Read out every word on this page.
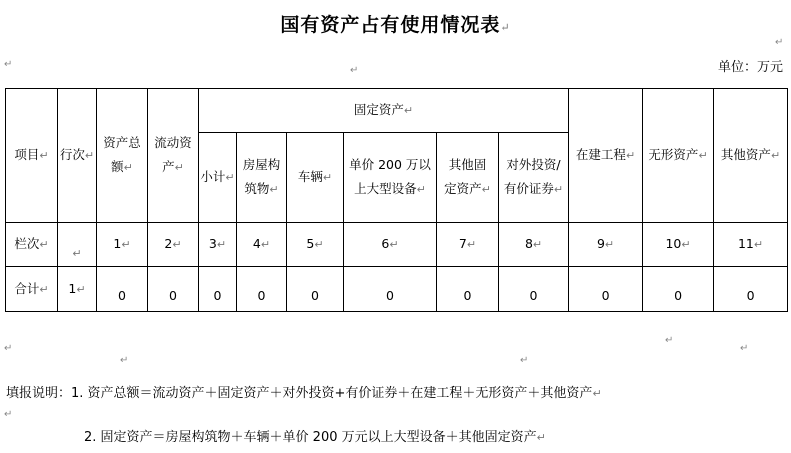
国有资产占有使用情况表↵
↵
↵
↵
单位：万元
项目↵	行次↵	资产总
额↵	流动资
产↵	固定资产↵						在建工程↵	无形资产↵	其他资产↵
				小计↵	房屋构
筑物↵	车辆↵	单价 200 万以
上大型设备↵	其他固
定资产↵	对外投资/
有价证券↵			
栏次↵	↵	1↵	2↵	3↵	4↵	5↵	6↵	7↵	8↵	9↵	10↵	11↵
合计↵	1↵	0	0	0	0	0	0	0	0	0	0	0
↵
↵
↵
↵	↵
↵
填报说明：1. 资产总额＝流动资产＋固定资产＋对外投资+有价证券＋在建工程＋无形资产＋其他资产↵
2. 固定资产＝房屋构筑物＋车辆＋单价 200 万元以上大型设备＋其他固定资产↵
